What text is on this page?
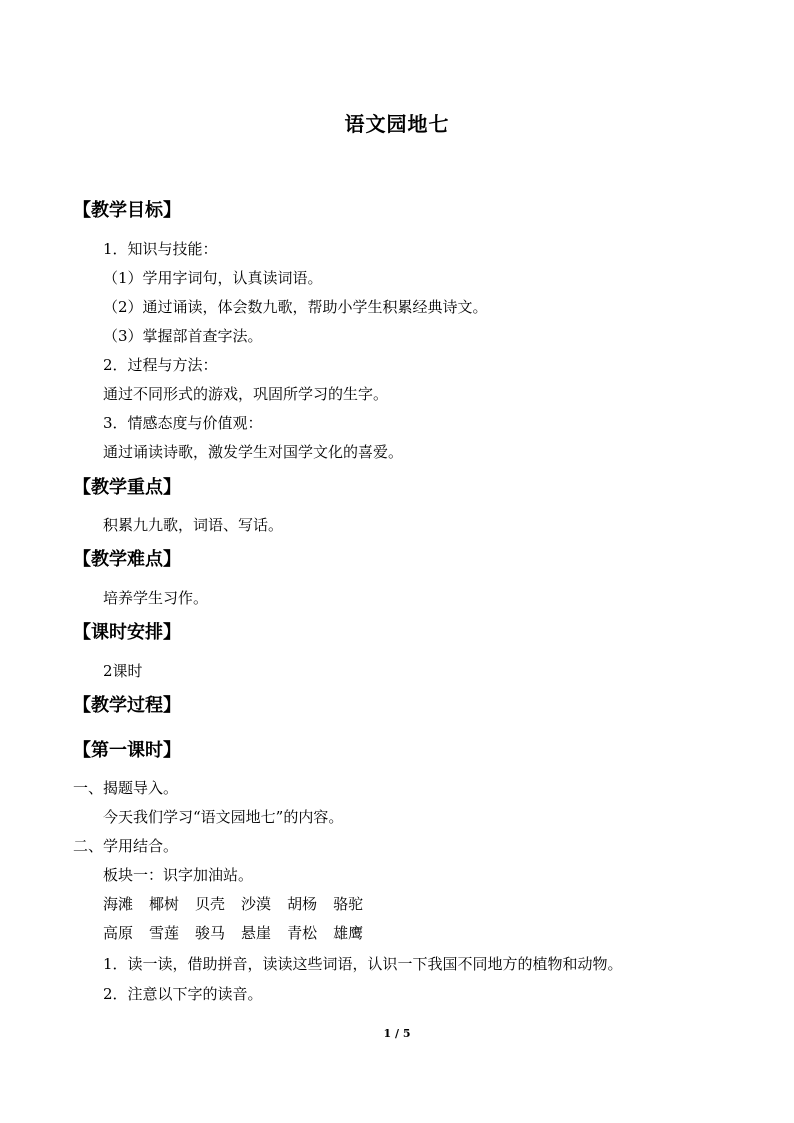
语文园地七
【教学目标】
1．知识与技能：
（1）学用字词句，认真读词语。
（2）通过诵读，体会数九歌，帮助小学生积累经典诗文。
（3）掌握部首查字法。
2．过程与方法：
通过不同形式的游戏，巩固所学习的生字。
3．情感态度与价值观：
通过诵读诗歌，激发学生对国学文化的喜爱。
【教学重点】
积累九九歌，词语、写话。
【教学难点】
培养学生习作。
【课时安排】
2课时
【教学过程】
【第一课时】
一、揭题导入。
今天我们学习“语文园地七”的内容。
二、学用结合。
板块一：识字加油站。
海滩 椰树 贝壳 沙漠 胡杨 骆驼
高原 雪莲 骏马 悬崖 青松 雄鹰
1．读一读，借助拼音，读读这些词语，认识一下我国不同地方的植物和动物。
2．注意以下字的读音。
1 / 5
